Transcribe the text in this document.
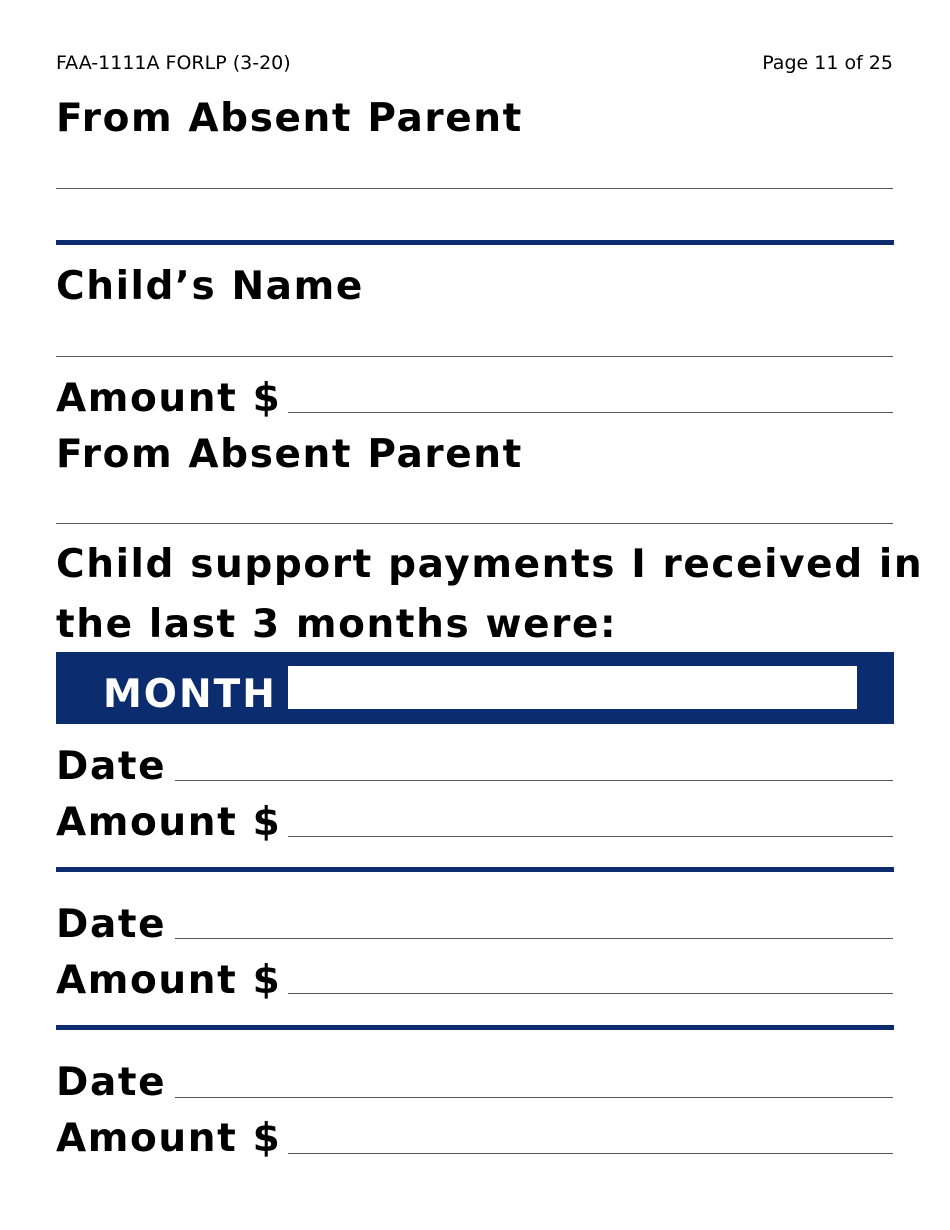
FAA-1111A FORLP (3-20)	Page 11 of 25
From Absent Parent
Child’s Name
Amount $
From Absent Parent
Child support payments I received in
the last 3 months were:
MONTH
Date
Amount $
Date
Amount $
Date
Amount $
